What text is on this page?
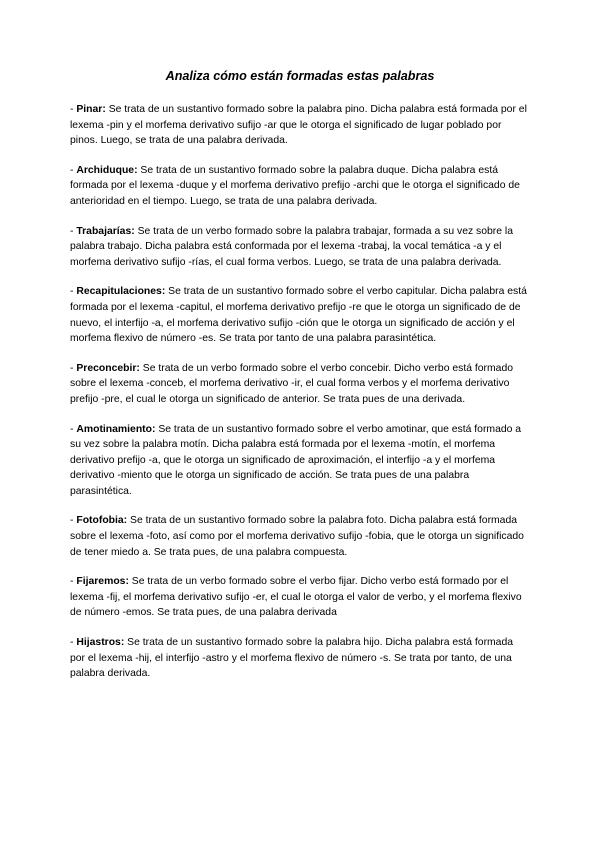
Analiza cómo están formadas estas palabras

- Pinar: Se trata de un sustantivo formado sobre la palabra pino. Dicha palabra está formada por el lexema -pin y el morfema derivativo sufijo -ar que le otorga el significado de lugar poblado por pinos. Luego, se trata de una palabra derivada.

- Archiduque: Se trata de un sustantivo formado sobre la palabra duque. Dicha palabra está formada por el lexema -duque y el morfema derivativo prefijo -archi que le otorga el significado de anterioridad en el tiempo. Luego, se trata de una palabra derivada.

- Trabajarías: Se trata de un verbo formado sobre la palabra trabajar, formada a su vez sobre la palabra trabajo. Dicha palabra está conformada por el lexema -trabaj, la vocal temática -a y el morfema derivativo sufijo -rías, el cual forma verbos. Luego, se trata de una palabra derivada.

- Recapitulaciones: Se trata de un sustantivo formado sobre el verbo capitular. Dicha palabra está formada por el lexema -capitul, el morfema derivativo prefijo -re que le otorga un significado de de nuevo, el interfijo -a, el morfema derivativo sufijo -ción que le otorga un significado de acción y el morfema flexivo de número -es. Se trata por tanto de una palabra parasintética.

- Preconcebir: Se trata de un verbo formado sobre el verbo concebir. Dicho verbo está formado sobre el lexema -conceb, el morfema derivativo -ir, el cual forma verbos y el morfema derivativo prefijo -pre, el cual le otorga un significado de anterior. Se trata pues de una derivada.

- Amotinamiento: Se trata de un sustantivo formado sobre el verbo amotinar, que está formado a su vez sobre la palabra motín. Dicha palabra está formada por el lexema -motín, el morfema derivativo prefijo -a, que le otorga un significado de aproximación, el interfijo -a y el morfema derivativo -miento que le otorga un significado de acción. Se trata pues de una palabra parasintética.

- Fotofobia: Se trata de un sustantivo formado sobre la palabra foto. Dicha palabra está formada sobre el lexema -foto, así como por el morfema derivativo sufijo -fobia, que le otorga un significado de tener miedo a. Se trata pues, de una palabra compuesta.

- Fijaremos: Se trata de un verbo formado sobre el verbo fijar. Dicho verbo está formado por el lexema -fij, el morfema derivativo sufijo -er, el cual le otorga el valor de verbo, y el morfema flexivo de número -emos. Se trata pues, de una palabra derivada

- Hijastros: Se trata de un sustantivo formado sobre la palabra hijo. Dicha palabra está formada por el lexema -hij, el interfijo -astro y el morfema flexivo de número -s. Se trata por tanto, de una palabra derivada.
